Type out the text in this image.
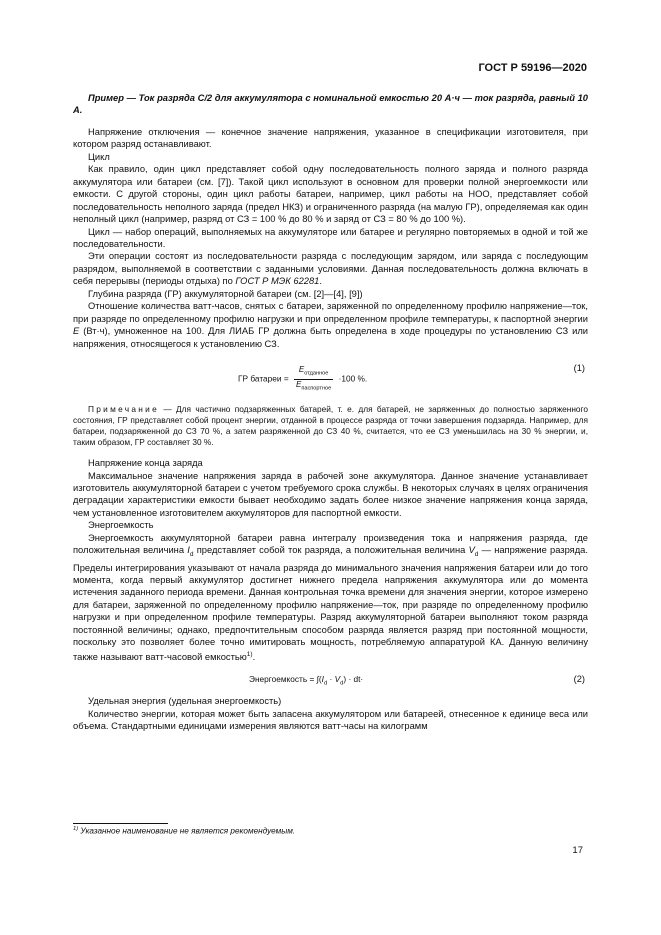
ГОСТ Р 59196—2020

Пример — Ток разряда C/2 для аккумулятора с номинальной емкостью 20 А·ч — ток разряда, равный 10 А.

Напряжение отключения — конечное значение напряжения, указанное в спецификации изготовителя, при котором разряд останавливают.

Цикл

Как правило, один цикл представляет собой одну последовательность полного заряда и полного разряда аккумулятора или батареи (см. [7]). Такой цикл используют в основном для проверки полной энергоемкости или емкости. С другой стороны, один цикл работы батареи, например, цикл работы на НОО, представляет собой последовательность неполного заряда (предел НКЗ) и ограниченного разряда (на малую ГР), определяемая как один неполный цикл (например, разряд от СЗ = 100 % до 80 % и заряд от СЗ = 80 % до 100 %).

Цикл — набор операций, выполняемых на аккумуляторе или батарее и регулярно повторяемых в одной и той же последовательности.

Эти операции состоят из последовательности разряда с последующим зарядом, или заряда с последующим разрядом, выполняемой в соответствии с заданными условиями. Данная последовательность должна включать в себя перерывы (периоды отдыха) по ГОСТ Р МЭК 62281.

Глубина разряда (ГР) аккумуляторной батареи (см. [2]—[4], [9])

Отношение количества ватт-часов, снятых с батареи, заряженной по определенному профилю напряжение—ток, при разряде по определенному профилю нагрузки и при определенном профиле температуры, к паспортной энергии E (Вт·ч), умноженное на 100. Для ЛИАБ ГР должна быть определена в ходе процедуры по установлению СЗ или напряжения, относящегося к установлению СЗ.

ГР батареи = $\frac{E_{отданное}}{E_{паспортное}} \cdot 100$ %.
(1)

Примечание — Для частично подзаряженных батарей, т. е. для батарей, не заряженных до полностью заряженного состояния, ГР представляет собой процент энергии, отданной в процессе разряда от точки завершения подзаряда. Например, для батареи, подзаряженной до СЗ 70 %, а затем разряженной до СЗ 40 %, считается, что ее СЗ уменьшилась на 30 % энергии, и, таким образом, ГР составляет 30 %.

Напряжение конца заряда

Максимальное значение напряжения заряда в рабочей зоне аккумулятора. Данное значение устанавливает изготовитель аккумуляторной батареи с учетом требуемого срока службы. В некоторых случаях в целях ограничения деградации характеристики емкости бывает необходимо задать более низкое значение напряжения конца заряда, чем установленное изготовителем аккумуляторов для паспортной емкости.

Энергоемкость

Энергоемкость аккумуляторной батареи равна интегралу произведения тока и напряжения разряда, где положительная величина $I_d$ представляет собой ток разряда, а положительная величина $V_d$ — напряжение разряда. Пределы интегрирования указывают от начала разряда до минимального значения напряжения батареи или до того момента, когда первый аккумулятор достигнет нижнего предела напряжения аккумулятора или до момента истечения заданного периода времени. Данная контрольная точка времени для значения энергии, которое измерено для батареи, заряженной по определенному профилю напряжение—ток, при разряде по определенному профилю нагрузки и при определенном профиле температуры. Разряд аккумуляторной батареи выполняют током разряда постоянной величины; однако, предпочтительным способом разряда является разряд при постоянной мощности, поскольку это позволяет более точно имитировать мощность, потребляемую аппаратурой КА. Данную величину также называют ватт-часовой емкостью$^{1)}$.

Энергоемкость = $\int(I_d \cdot V_d) \cdot dt\cdot$	(2)

Удельная энергия (удельная энергоемкость)

Количество энергии, которая может быть запасена аккумулятором или батареей, отнесенное к единице веса или объема. Стандартными единицами измерения являются ватт-часы на килограмм

$^{1)}$ Указанное наименование не является рекомендуемым.
17
